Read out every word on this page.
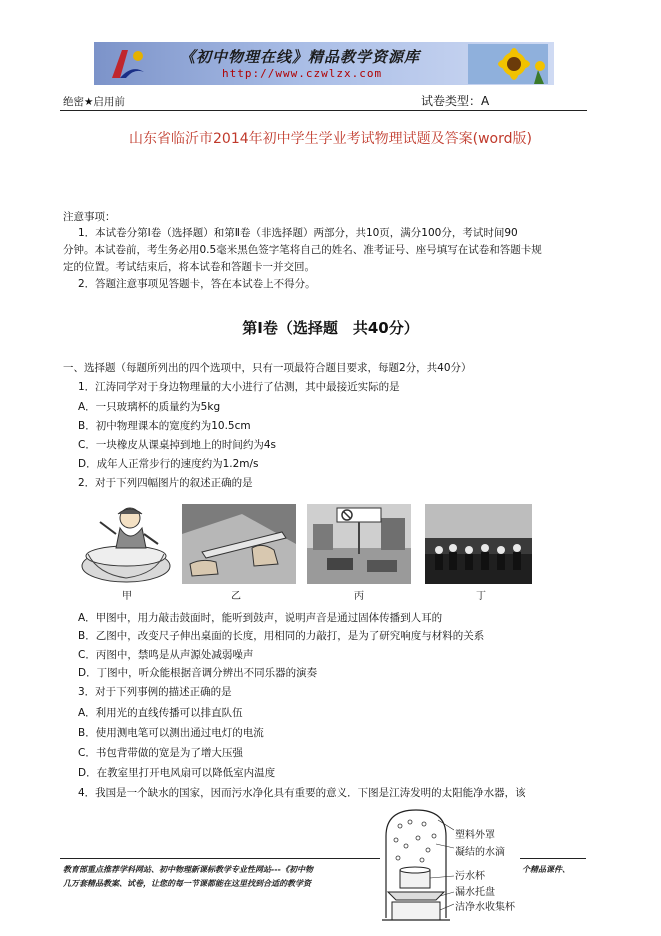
《初中物理在线》精品教学资源库
http://www.czwlzx.com
绝密★启用前	试卷类型：A
山东省临沂市2014年初中学生学业考试物理试题及答案(word版)
注意事项：
1．本试卷分第Ⅰ卷（选择题）和第Ⅱ卷（非选择题）两部分，共10页，满分100分，考试时间90
分钟。本试卷前，考生务必用0.5毫米黑色签字笔将自己的姓名、准考证号、座号填写在试卷和答题卡规
定的位置。考试结束后，将本试卷和答题卡一并交回。
2．答题注意事项见答题卡，答在本试卷上不得分。
第Ⅰ卷（选择题　共40分）
一、选择题（每题所列出的四个选项中，只有一项最符合题目要求，每题2分，共40分）
1．江涛同学对于身边物理量的大小进行了估测，其中最接近实际的是
A．一只玻璃杯的质量约为5kg
B．初中物理课本的宽度约为10.5cm
C．一块橡皮从课桌掉到地上的时间约为4s
D．成年人正常步行的速度约为1.2m/s
2．对于下列四幅图片的叙述正确的是
甲	乙	丙	丁
A．甲图中，用力敲击鼓面时，能听到鼓声，说明声音是通过固体传播到人耳的
B．乙图中，改变尺子伸出桌面的长度，用相同的力敲打，是为了研究响度与材料的关系
C．丙图中，禁鸣是从声源处减弱噪声
D．丁图中，听众能根据音调分辨出不同乐器的演奏
3．对于下列事例的描述正确的是
A．利用光的直线传播可以排直队伍
B．使用测电笔可以测出通过电灯的电流
C．书包背带做的宽是为了增大压强
D．在教室里打开电风扇可以降低室内温度
4．我国是一个缺水的国家，因而污水净化具有重要的意义．下图是江涛发明的太阳能净水器，该
塑料外罩
凝结的水滴
污水杯
漏水托盘
洁净水收集杯
教育部重点推荐学科网站、初中物理新课标教学专业性网站---《初中物	个精品课件、
几万套精品教案、试卷，让您的每一节课都能在这里找到合适的教学资
